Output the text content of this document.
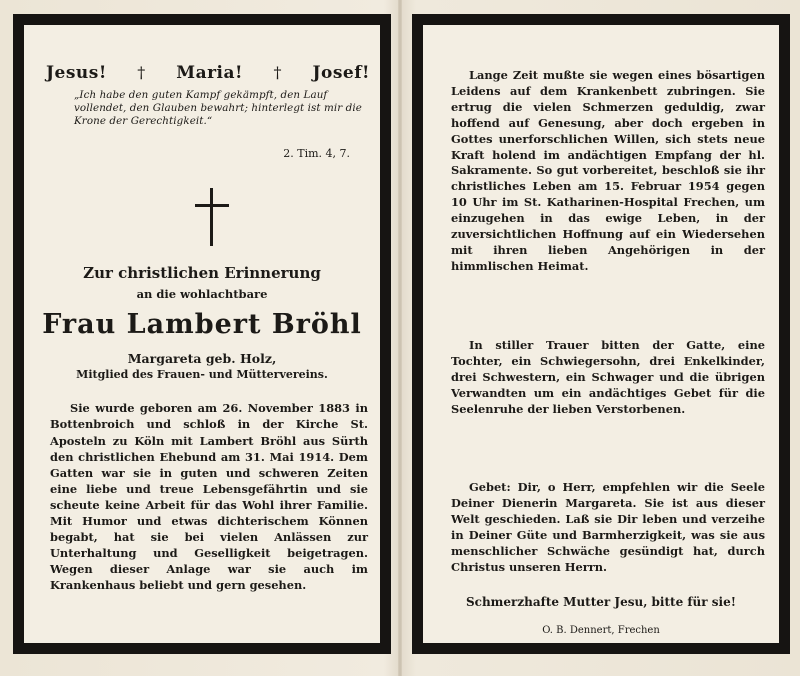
Jesus! † Maria! † Josef!
„Ich habe den guten Kampf gekämpft, den Lauf vollendet, den Glauben bewahrt; hinterlegt ist mir die Krone der Gerechtigkeit.“
2. Tim. 4, 7.
Zur christlichen Erinnerung
an die wohlachtbare
Frau Lambert Bröhl
Margareta geb. Holz,
Mitglied des Frauen- und Müttervereins.

Sie wurde geboren am 26. November 1883 in Bottenbroich und schloß in der Kirche St. Aposteln zu Köln mit Lambert Bröhl aus Sürth den christlichen Ehebund am 31. Mai 1914. Dem Gatten war sie in guten und schweren Zeiten eine liebe und treue Lebensgefährtin und sie scheute keine Arbeit für das Wohl ihrer Familie. Mit Humor und etwas dichterischem Können begabt, hat sie bei vielen Anlässen zur Unterhaltung und Geselligkeit beigetragen. Wegen dieser Anlage war sie auch im Krankenhaus beliebt und gern gesehen.

Lange Zeit mußte sie wegen eines bösartigen Leidens auf dem Krankenbett zubringen. Sie ertrug die vielen Schmerzen geduldig, zwar hoffend auf Genesung, aber doch ergeben in Gottes unerforschlichen Willen, sich stets neue Kraft holend im andächtigen Empfang der hl. Sakramente. So gut vorbereitet, beschloß sie ihr christliches Leben am 15. Februar 1954 gegen 10 Uhr im St. Katharinen-Hospital Frechen, um einzugehen in das ewige Leben, in der zuversichtlichen Hoffnung auf ein Wiedersehen mit ihren lieben Angehörigen in der himmlischen Heimat.

In stiller Trauer bitten der Gatte, eine Tochter, ein Schwiegersohn, drei Enkelkinder, drei Schwestern, ein Schwager und die übrigen Verwandten um ein andächtiges Gebet für die Seelenruhe der lieben Verstorbenen.

Gebet: Dir, o Herr, empfehlen wir die Seele Deiner Dienerin Margareta. Sie ist aus dieser Welt geschieden. Laß sie Dir leben und verzeihe in Deiner Güte und Barmherzigkeit, was sie aus menschlicher Schwäche gesündigt hat, durch Christus unseren Herrn.

Schmerzhafte Mutter Jesu, bitte für sie!
O. B. Dennert, Frechen
